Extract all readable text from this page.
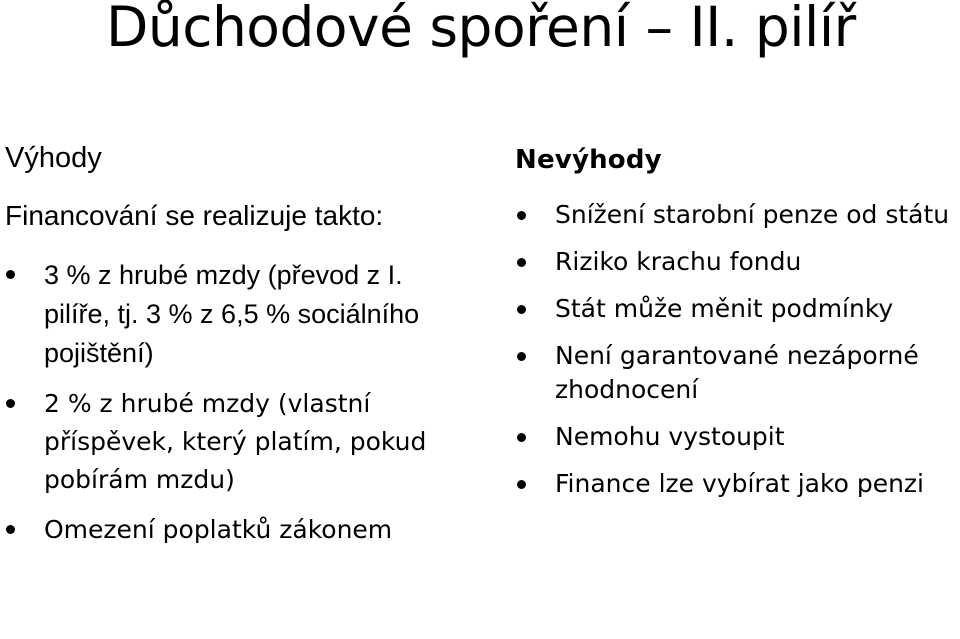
Důchodové spoření – II. pilíř
Výhody
Financování se realizuje takto:
3 % z hrubé mzdy (převod z I. pilíře, tj. 3 % z 6,5 % sociálního pojištění)
2 % z hrubé mzdy (vlastní příspěvek, který platím, pokud pobírám mzdu)
Omezení poplatků zákonem
Nevýhody
Snížení starobní penze od státu
Riziko krachu fondu
Stát může měnit podmínky
Není garantované nezáporné zhodnocení
Nemohu vystoupit
Finance lze vybírat jako penzi
